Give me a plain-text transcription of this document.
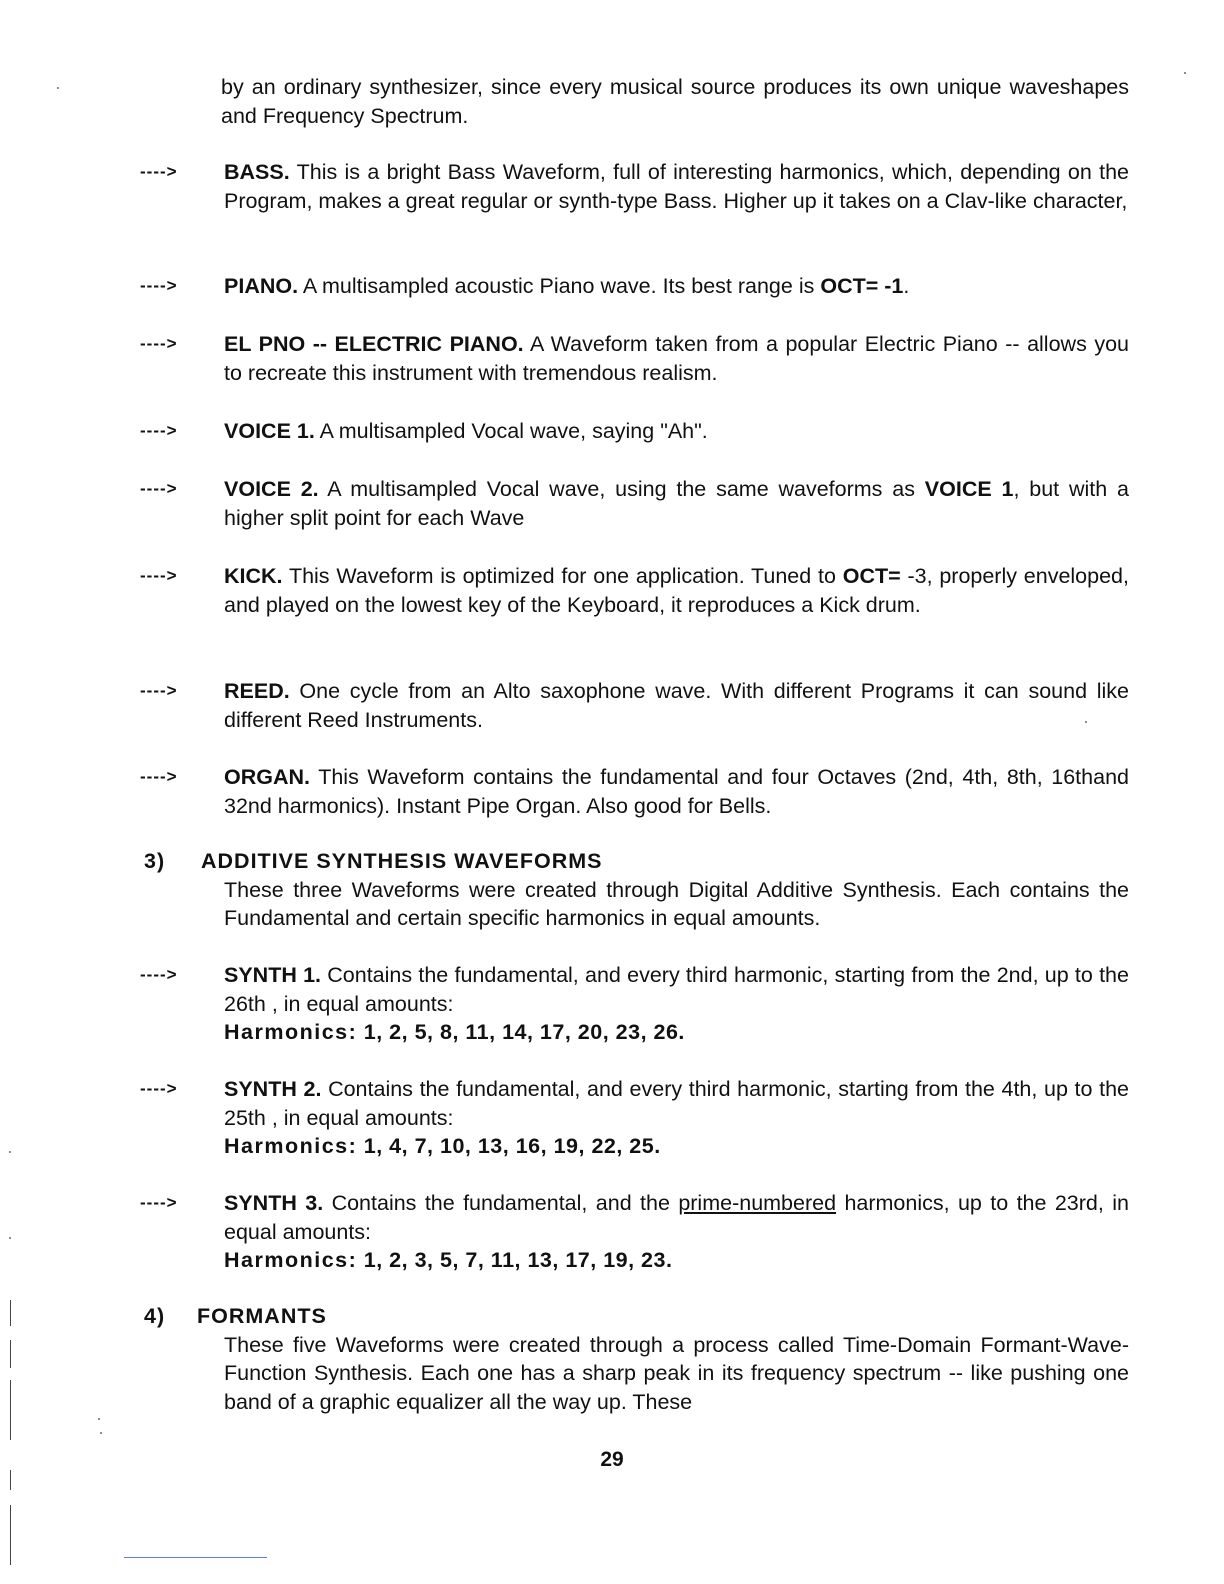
by an ordinary synthesizer, since every musical source produces its own unique waveshapes and Frequency Spectrum.
---->	BASS. This is a bright Bass Waveform, full of interesting harmonics, which, depending on the Program, makes a great regular or synth-type Bass. Higher up it takes on a Clav-like character,
---->	PIANO. A multisampled acoustic Piano wave. Its best range is OCT= -1.
---->	EL PNO -- ELECTRIC PIANO. A Waveform taken from a popular Electric Piano -- allows you to recreate this instrument with tremendous realism.
---->	VOICE 1. A multisampled Vocal wave, saying "Ah".
---->	VOICE 2. A multisampled Vocal wave, using the same waveforms as VOICE 1, but with a higher split point for each Wave
---->	KICK. This Waveform is optimized for one application. Tuned to OCT= -3, properly enveloped, and played on the lowest key of the Keyboard, it reproduces a Kick drum.
---->	REED. One cycle from an Alto saxophone wave. With different Programs it can sound like different Reed Instruments.
---->	ORGAN. This Waveform contains the fundamental and four Octaves (2nd, 4th, 8th, 16thand 32nd harmonics). Instant Pipe Organ. Also good for Bells.
3) ADDITIVE SYNTHESIS WAVEFORMS
These three Waveforms were created through Digital Additive Synthesis. Each contains the Fundamental and certain specific harmonics in equal amounts.
---->	SYNTH 1. Contains the fundamental, and every third harmonic, starting from the 2nd, up to the 26th , in equal amounts:
Harmonics: 1, 2, 5, 8, 11, 14, 17, 20, 23, 26.
---->	SYNTH 2. Contains the fundamental, and every third harmonic, starting from the 4th, up to the 25th , in equal amounts:
Harmonics: 1, 4, 7, 10, 13, 16, 19, 22, 25.
---->	SYNTH 3. Contains the fundamental, and the prime-numbered harmonics, up to the 23rd, in equal amounts:
Harmonics: 1, 2, 3, 5, 7, 11, 13, 17, 19, 23.
4) FORMANTS
These five Waveforms were created through a process called Time-Domain Formant-Wave-Function Synthesis. Each one has a sharp peak in its frequency spectrum -- like pushing one band of a graphic equalizer all the way up. These
29
